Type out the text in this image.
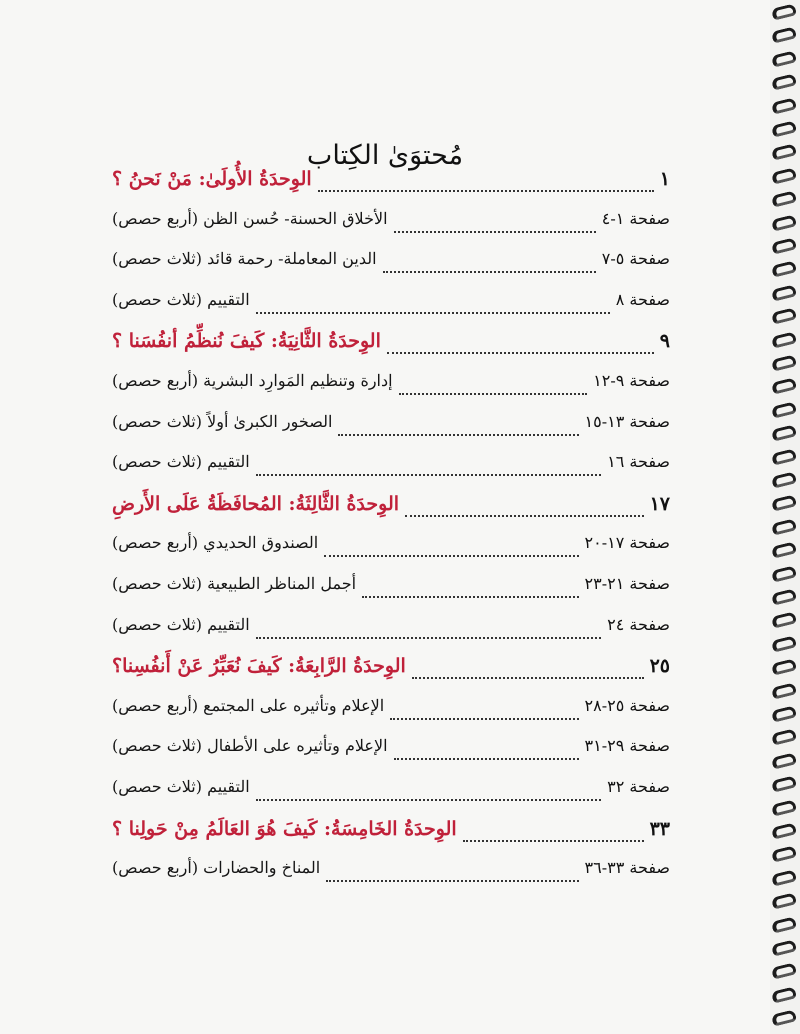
مُحتوَىٰ الكِتاب
الوِحدَةُ الأُولَىٰ: مَنْ نَحنُ ؟	١
الأخلاق الحسنة- حُسن الظن (أربع حصص)	صفحة ١-٤
الدين المعاملة- رحمة قائد (ثلاث حصص)	صفحة ٥-٧
التقييم (ثلاث حصص)	صفحة ٨
الوِحدَةُ الثَّانِيَةُ: كَيفَ نُنظِّمُ أنفُسَنا ؟	٩
إدارة وتنظيم المَوارِد البشرية (أربع حصص)	صفحة ٩-١٢
الصخور الكبرىٰ أولاً (ثلاث حصص)	صفحة ١٣-١٥
التقييم (ثلاث حصص)	صفحة ١٦
الوِحدَةُ الثَّالِثَةُ: المُحافَظَةُ عَلَى الأَرضِ	١٧
الصندوق الحديدي (أربع حصص)	صفحة ١٧-٢٠
أجمل المناظر الطبيعية (ثلاث حصص)	صفحة ٢١-٢٣
التقييم (ثلاث حصص)	صفحة ٢٤
الوِحدَةُ الرَّابِعَةُ: كَيفَ نُعَبِّرُ عَنْ أَنفُسِنا؟	٢٥
الإعلام وتأثيره على المجتمع (أربع حصص)	صفحة ٢٥-٢٨
الإعلام وتأثيره على الأطفال (ثلاث حصص)	صفحة ٢٩-٣١
التقييم (ثلاث حصص)	صفحة ٣٢
الوِحدَةُ الخَامِسَةُ: كَيفَ هُوَ العَالَمُ مِنْ حَولِنا ؟	٣٣
المناخ والحضارات (أربع حصص)	صفحة ٣٣-٣٦
